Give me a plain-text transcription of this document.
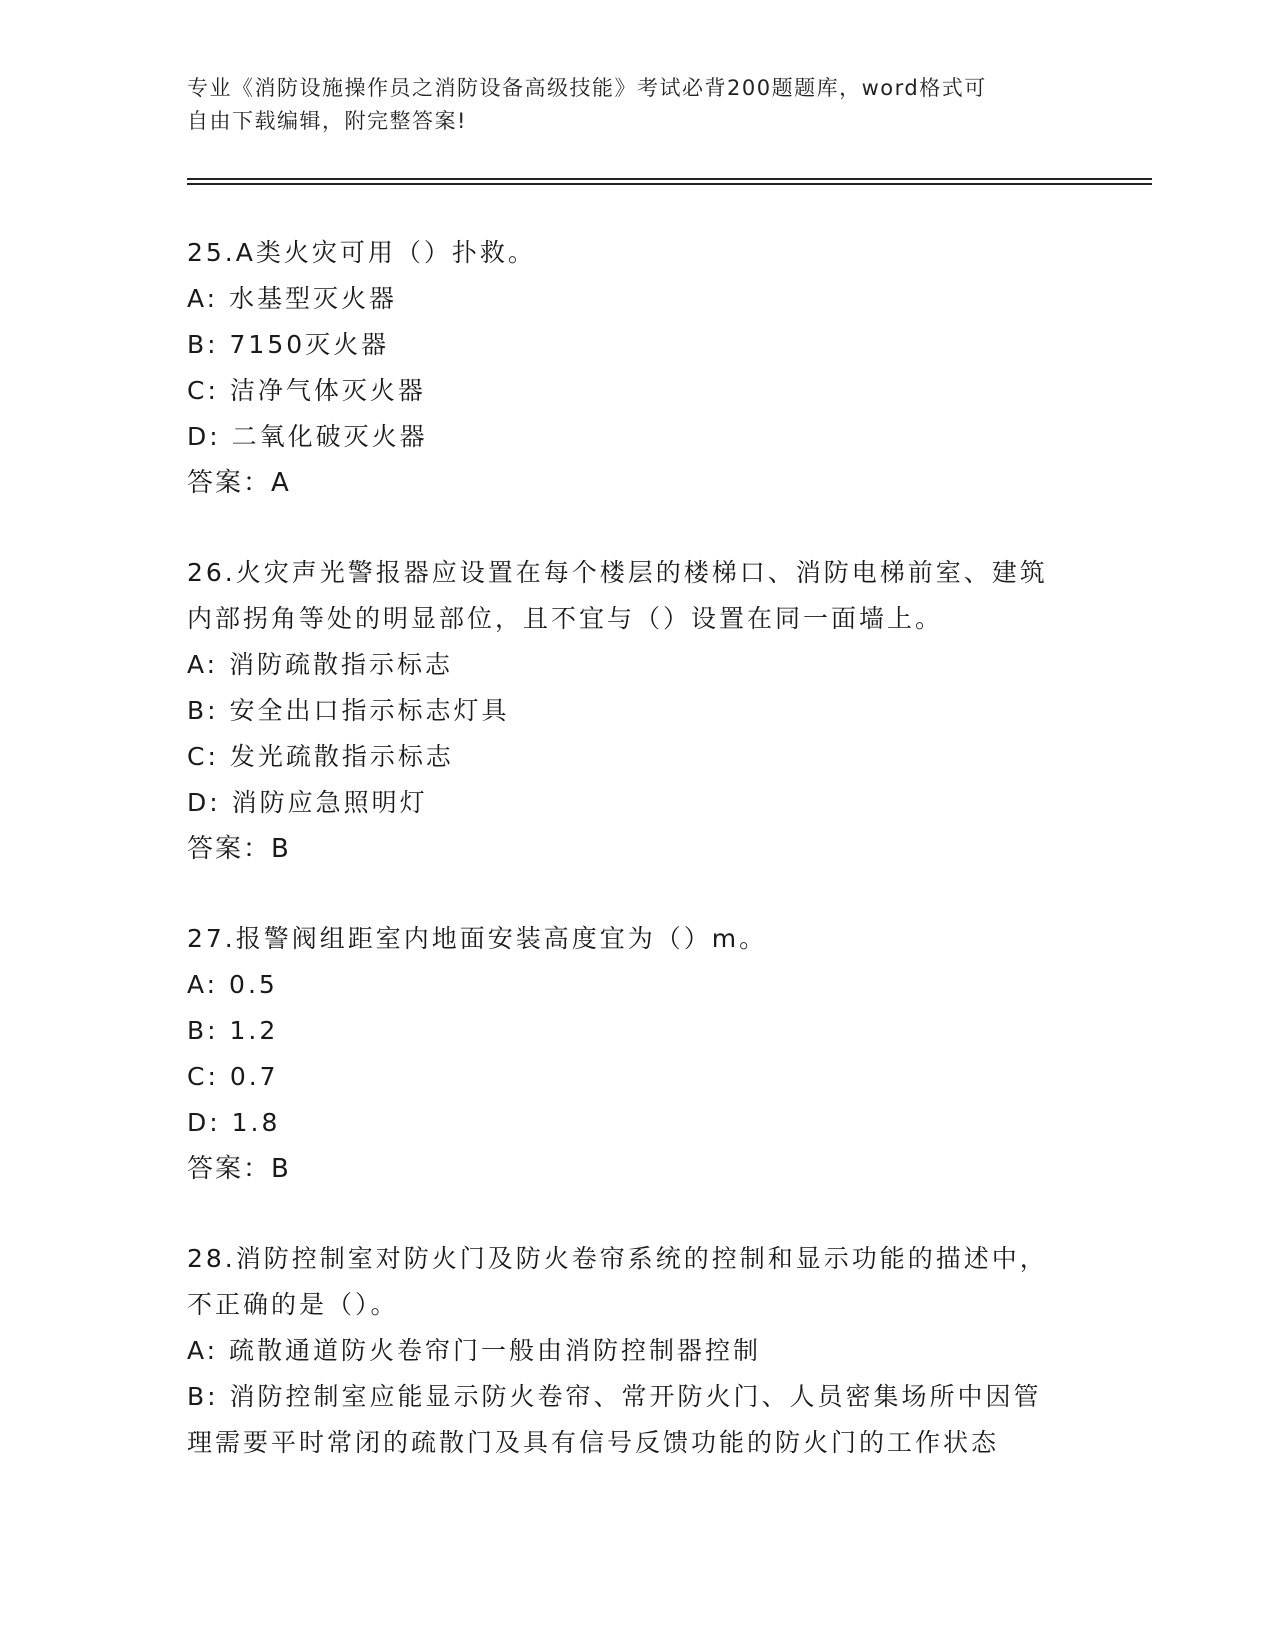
专业《消防设施操作员之消防设备高级技能》考试必背200题题库，word格式可
自由下载编辑，附完整答案!

25.A类火灾可用（）扑救。

A: 水基型灭火器

B: 7150灭火器

C: 洁净气体灭火器

D: 二氧化破灭火器

答案：A

26.火灾声光警报器应设置在每个楼层的楼梯口、消防电梯前室、建筑

内部拐角等处的明显部位，且不宜与（）设置在同一面墙上。

A: 消防疏散指示标志

B: 安全出口指示标志灯具

C: 发光疏散指示标志

D: 消防应急照明灯

答案：B

27.报警阀组距室内地面安装高度宜为（）m。

A: 0.5

B: 1.2

C: 0.7

D: 1.8

答案：B

28.消防控制室对防火门及防火卷帘系统的控制和显示功能的描述中，

不正确的是（）。

A: 疏散通道防火卷帘门一般由消防控制器控制

B: 消防控制室应能显示防火卷帘、常开防火门、人员密集场所中因管

理需要平时常闭的疏散门及具有信号反馈功能的防火门的工作状态
